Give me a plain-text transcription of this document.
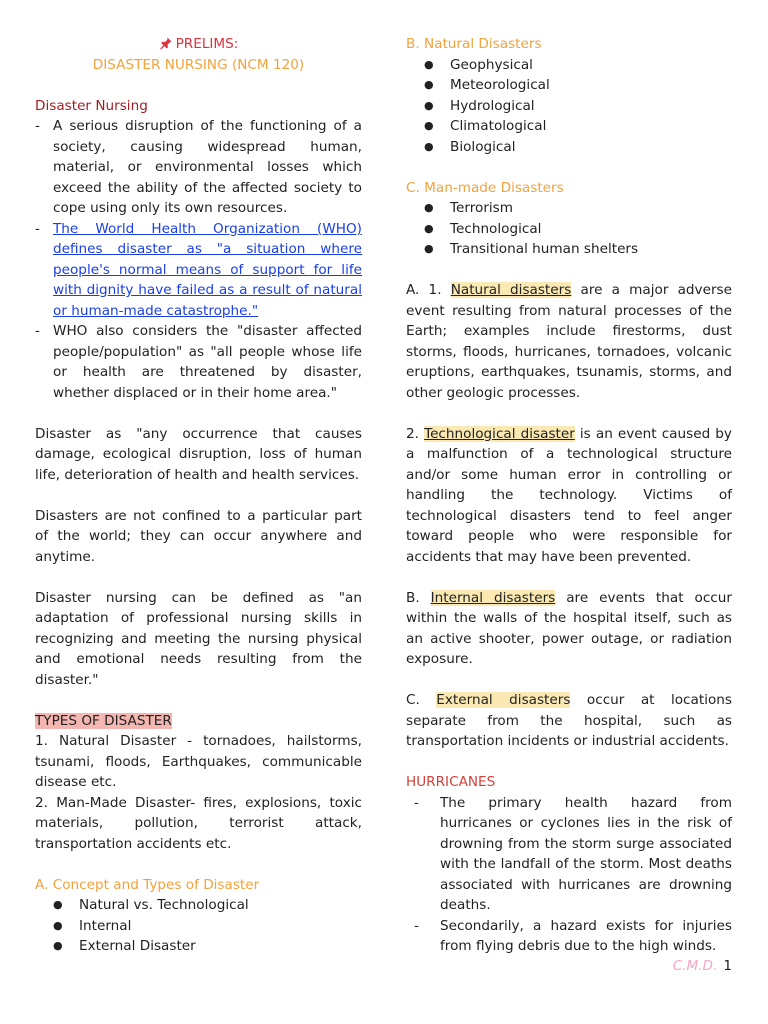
PRELIMS:

DISASTER NURSING (NCM 120)

Disaster Nursing

- A serious disruption of the functioning of a society, causing widespread human, material, or environmental losses which exceed the ability of the affected society to cope using only its own resources.
- The World Health Organization (WHO) defines disaster as "a situation where people's normal means of support for life with dignity have failed as a result of natural or human-made catastrophe."
- WHO also considers the "disaster affected people/population" as "all people whose life or health are threatened by disaster, whether displaced or in their home area."

Disaster as "any occurrence that causes damage, ecological disruption, loss of human life, deterioration of health and health services.

Disasters are not confined to a particular part of the world; they can occur anywhere and anytime.

Disaster nursing can be defined as "an adaptation of professional nursing skills in recognizing and meeting the nursing physical and emotional needs resulting from the disaster."

TYPES OF DISASTER

1. Natural Disaster - tornadoes, hailstorms, tsunami, floods, Earthquakes, communicable disease etc.

2. Man-Made Disaster- fires, explosions, toxic materials, pollution, terrorist attack, transportation accidents etc.

A. Concept and Types of Disaster

●	Natural vs. Technological
●	Internal
●	External Disaster

B. Natural Disasters

●	Geophysical
●	Meteorological
●	Hydrological
●	Climatological
●	Biological

C. Man-made Disasters

●	Terrorism
●	Technological
●	Transitional human shelters

A. 1. Natural disasters are a major adverse event resulting from natural processes of the Earth; examples include firestorms, dust storms, floods, hurricanes, tornadoes, volcanic eruptions, earthquakes, tsunamis, storms, and other geologic processes.

2. Technological disaster is an event caused by a malfunction of a technological structure and/or some human error in controlling or handling the technology. Victims of technological disasters tend to feel anger toward people who were responsible for accidents that may have been prevented.

B. Internal disasters are events that occur within the walls of the hospital itself, such as an active shooter, power outage, or radiation exposure.

C. External disasters occur at locations separate from the hospital, such as transportation incidents or industrial accidents.

HURRICANES

-	The primary health hazard from hurricanes or cyclones lies in the risk of drowning from the storm surge associated with the landfall of the storm. Most deaths associated with hurricanes are drowning deaths.
-	Secondarily, a hazard exists for injuries from flying debris due to the high winds.
C.M.D. 1
